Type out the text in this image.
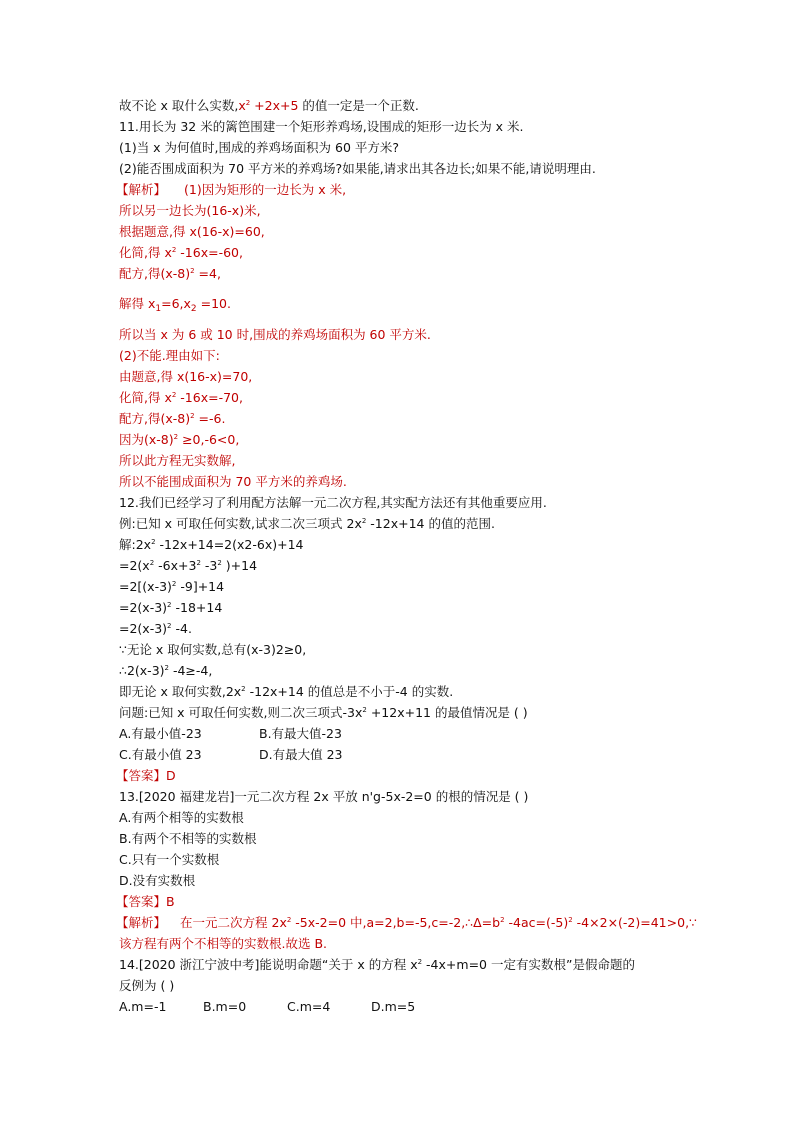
故不论 x 取什么实数$,x^2 +2x+5$ 的值一定是一个正数.
11.用长为 32 米的篱笆围建一个矩形养鸡场,设围成的矩形一边长为 x 米.
(1)当 x 为何值时,围成的养鸡场面积为 60 平方米?
(2)能否围成面积为 70 平方米的养鸡场?如果能,请求出其各边长;如果不能,请说明理由.
【解析】 (1)因为矩形的一边长为 x 米,
所以另一边长为(16-x)米,
根据题意,得 x(16-x)=60,
化简,得 $x^2$ -16x=-60,
配方,得$(x-8)^2 =4$,
解得 $x_1=6,x_2 =10$.
所以当 x 为 6 或 10 时,围成的养鸡场面积为 60 平方米.
(2)不能.理由如下:
由题意,得 x(16-x)=70,
化简,得 $x^2$ -16x=-70,
配方,得$(x-8)^2 =-6$.
因为$(x-8)^2 \ge 0,-6<0$,
所以此方程无实数解,
所以不能围成面积为 70 平方米的养鸡场.
12.我们已经学习了利用配方法解一元二次方程,其实配方法还有其他重要应用.
例:已知 x 可取任何实数,试求二次三项式 $2x^2$ -12x+14 的值的范围.
解$:2x^2$ -12x+14=2(x2-6x)+14
$=2(x^2$ $-6x+3^2$ $-3^2$ )+14
$=2[(x-3)^2$ -9]+14
$=2(x-3)^2$ -18+14
$=2(x-3)^2$ -4.
∵无论 x 取何实数,总有(x-3)2≥0,
$\therefore 2(x-3)^2$ -4≥-4,
即无论 x 取何实数$,2x^2$ -12x+14 的值总是不小于-4 的实数.
问题:已知 x 可取任何实数,则二次三项式$-3x^2 +12x+11$ 的最值情况是 ( )
A.有最小值-23	B.有最大值-23
C.有最小值 23	D.有最大值 23
【答案】D
13.[2020 福建龙岩]一元二次方程 2x 平放 n'g-5x-2=0 的根的情况是 ( )
A.有两个相等的实数根
B.有两个不相等的实数根
C.只有一个实数根
D.没有实数根
【答案】B
【解析】 在一元二次方程 $2x^2$ -5x-2=0 中$,a=2,b=-5,c=-2,\therefore\Delta=b^2$ $-4ac=(-5)^2$ -4×2×(-2)=41>0,∵
该方程有两个不相等的实数根.故选 B.
14.[2020 浙江宁波中考]能说明命题“关于 x 的方程 $x^2$ -4x+m=0 一定有实数根”是假命题的
反例为 ( )
A.m=-1	B.m=0	C.m=4	D.m=5
